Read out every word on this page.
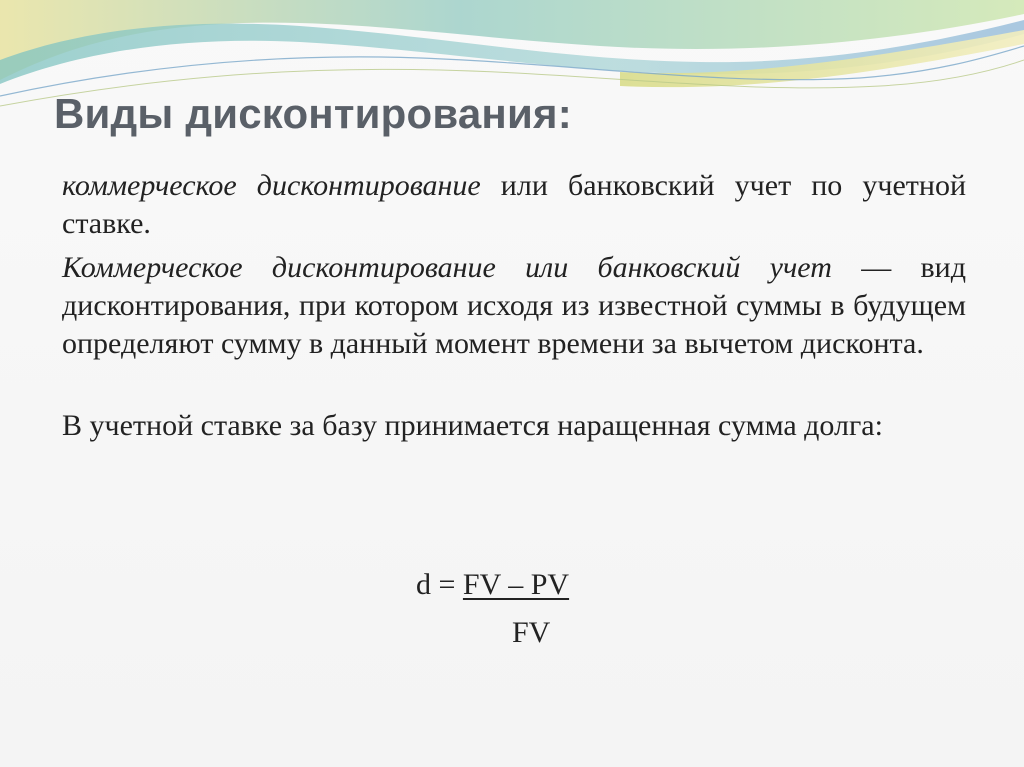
Виды дисконтирования:

коммерческое дисконтирование или банковский учет по учетной ставке.

Коммерческое дисконтирование или банковский учет — вид дисконтирования, при котором исходя из известной суммы в будущем определяют сумму в данный момент времени за вычетом дисконта.

В учетной ставке за базу принимается наращенная сумма долга:

d = FV – PV
FV
